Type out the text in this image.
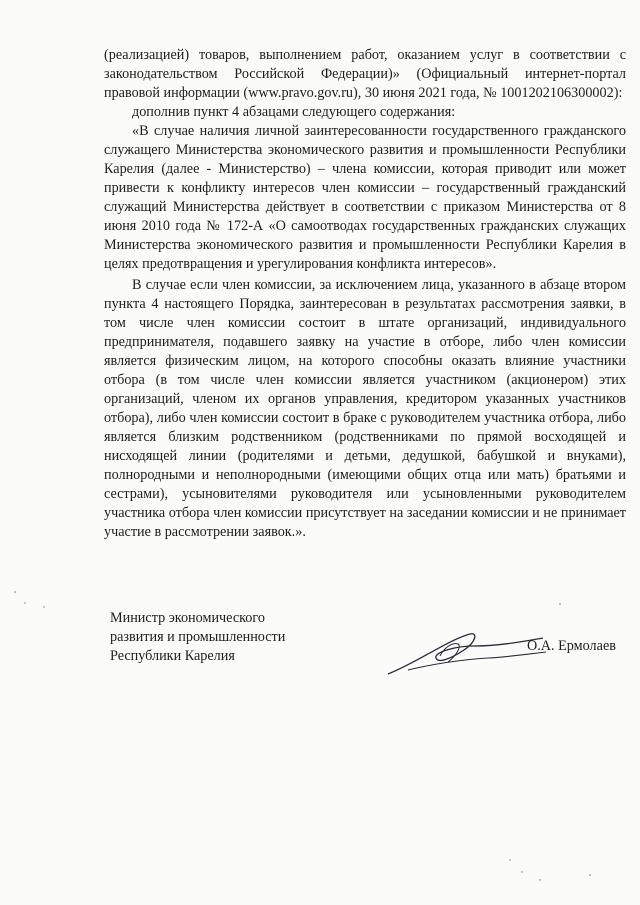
(реализацией) товаров, выполнением работ, оказанием услуг в соответствии с законодательством Российской Федерации)» (Официальный интернет-портал правовой информации (www.pravo.gov.ru), 30 июня 2021 года, № 1001202106300002):

дополнив пункт 4 абзацами следующего содержания:

«В случае наличия личной заинтересованности государственного гражданского служащего Министерства экономического развития и промышленности Республики Карелия (далее - Министерство) – члена комиссии, которая приводит или может привести к конфликту интересов член комиссии – государственный гражданский служащий Министерства действует в соответствии с приказом Министерства от 8 июня 2010 года № 172-А «О самоотводах государственных гражданских служащих Министерства экономического развития и промышленности Республики Карелия в целях предотвращения и урегулирования конфликта интересов».

В случае если член комиссии, за исключением лица, указанного в абзаце втором пункта 4 настоящего Порядка, заинтересован в результатах рассмотрения заявки, в том числе член комиссии состоит в штате организаций, индивидуального предпринимателя, подавшего заявку на участие в отборе, либо член комиссии является физическим лицом, на которого способны оказать влияние участники отбора (в том числе член комиссии является участником (акционером) этих организаций, членом их органов управления, кредитором указанных участников отбора), либо член комиссии состоит в браке с руководителем участника отбора, либо является близким родственником (родственниками по прямой восходящей и нисходящей линии (родителями и детьми, дедушкой, бабушкой и внуками), полнородными и неполнородными (имеющими общих отца или мать) братьями и сестрами), усыновителями руководителя или усыновленными руководителем участника отбора член комиссии присутствует на заседании комиссии и не принимает участие в рассмотрении заявок.».

Министр экономического
развития и промышленности
Республики Карелия
О.А. Ермолаев
